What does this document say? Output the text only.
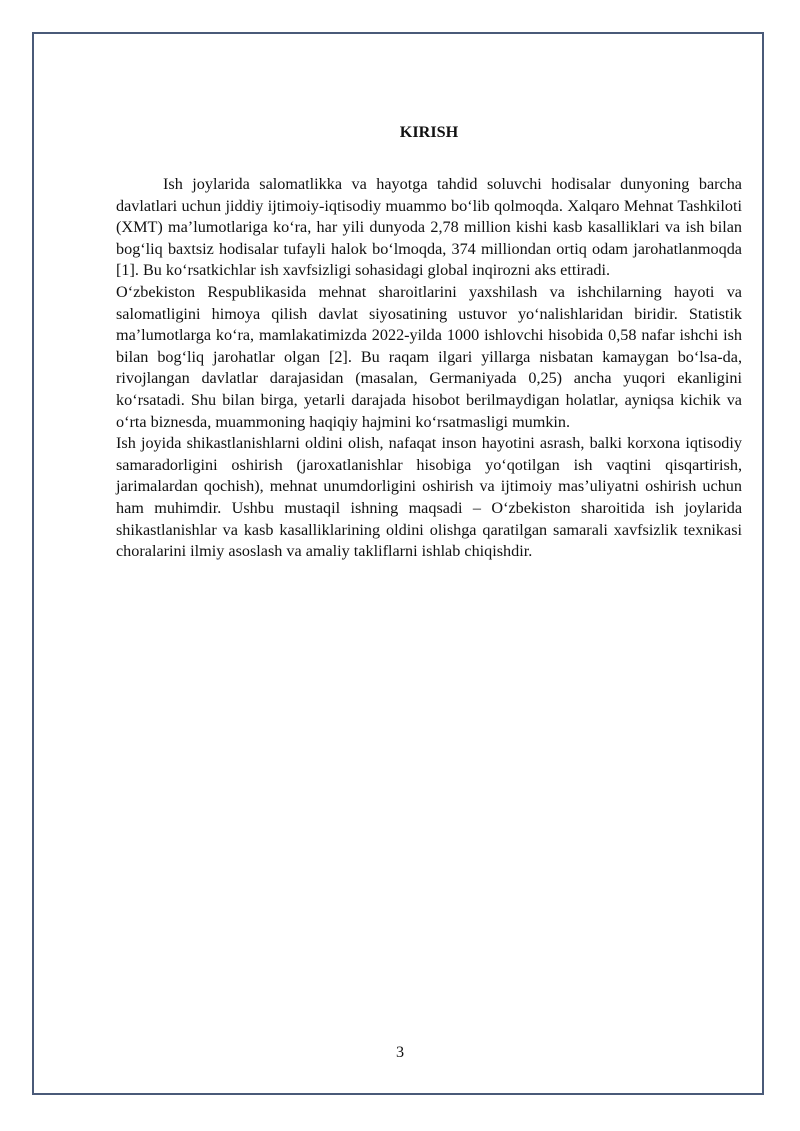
KIRISH

Ish joylarida salomatlikka va hayotga tahdid soluvchi hodisalar dunyoning barcha davlatlari uchun jiddiy ijtimoiy-iqtisodiy muammo bo‘lib qolmoqda. Xalqaro Mehnat Tashkiloti (XMT) ma’lumotlariga ko‘ra, har yili dunyoda 2,78 million kishi kasb kasalliklari va ish bilan bog‘liq baxtsiz hodisalar tufayli halok bo‘lmoqda, 374 milliondan ortiq odam jarohatlanmoqda [1]. Bu ko‘rsatkichlar ish xavfsizligi sohasidagi global inqirozni aks ettiradi.

O‘zbekiston Respublikasida mehnat sharoitlarini yaxshilash va ishchilarning hayoti va salomatligini himoya qilish davlat siyosatining ustuvor yo‘nalishlaridan biridir. Statistik ma’lumotlarga ko‘ra, mamlakatimizda 2022-yilda 1000 ishlovchi hisobida 0,58 nafar ishchi ish bilan bog‘liq jarohatlar olgan [2]. Bu raqam ilgari yillarga nisbatan kamaygan bo‘lsa-da, rivojlangan davlatlar darajasidan (masalan, Germaniyada 0,25) ancha yuqori ekanligini ko‘rsatadi. Shu bilan birga, yetarli darajada hisobot berilmaydigan holatlar, ayniqsa kichik va o‘rta biznesda, muammoning haqiqiy hajmini ko‘rsatmasligi mumkin.

Ish joyida shikastlanishlarni oldini olish, nafaqat inson hayotini asrash, balki korxona iqtisodiy samaradorligini oshirish (jaroxatlanishlar hisobiga yo‘qotilgan ish vaqtini qisqartirish, jarimalardan qochish), mehnat unumdorligini oshirish va ijtimoiy mas’uliyatni oshirish uchun ham muhimdir. Ushbu mustaqil ishning maqsadi – O‘zbekiston sharoitida ish joylarida shikastlanishlar va kasb kasalliklarining oldini olishga qaratilgan samarali xavfsizlik texnikasi choralarini ilmiy asoslash va amaliy takliflarni ishlab chiqishdir.

3
